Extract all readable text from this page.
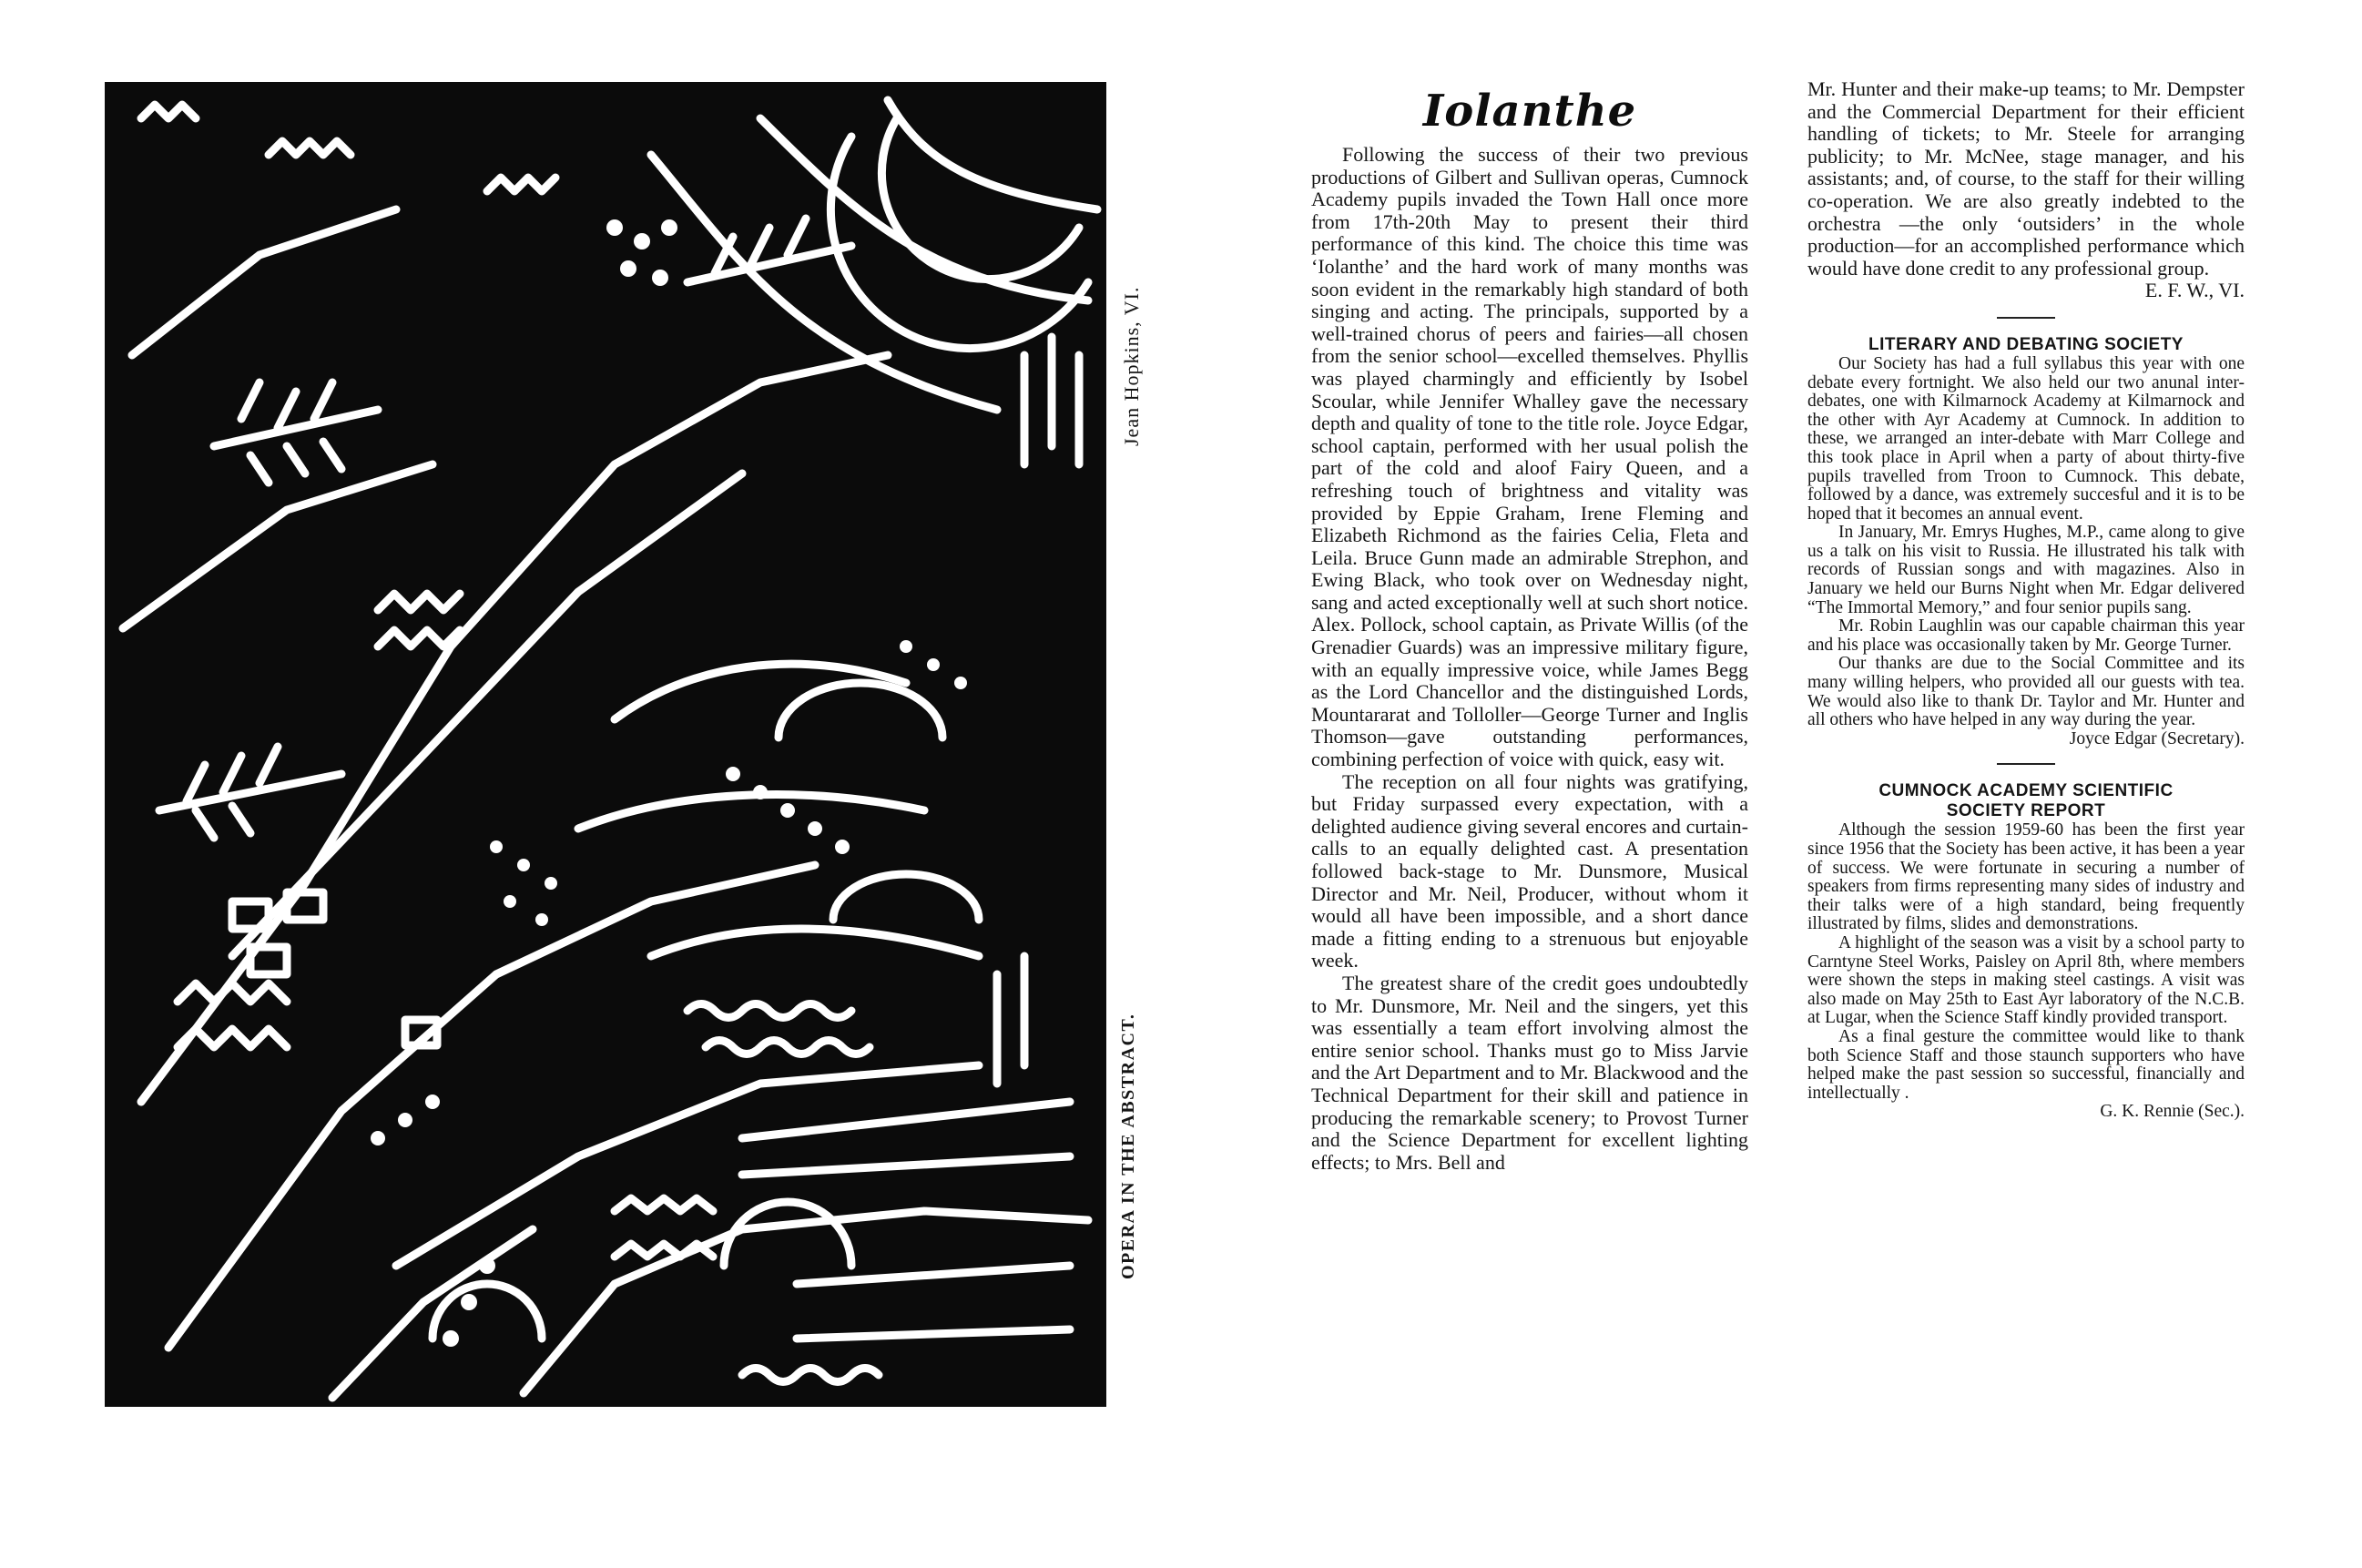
Jean Hopkins, VI.
OPERA IN THE ABSTRACT.
Iolanthe

Following the success of their two previous productions of Gilbert and Sullivan operas, Cumnock Academy pupils invaded the Town Hall once more from 17th-20th May to present their third performance of this kind. The choice this time was ‘Iolanthe’ and the hard work of many months was soon evident in the remarkably high standard of both singing and acting. The principals, supported by a well-trained chorus of peers and fairies—all chosen from the senior school—excelled themselves. Phyllis was played charmingly and efficiently by Isobel Scoular, while Jennifer Whalley gave the necessary depth and quality of tone to the title role. Joyce Edgar, school captain, performed with her usual polish the part of the cold and aloof Fairy Queen, and a refreshing touch of brightness and vitality was provided by Eppie Graham, Irene Fleming and Elizabeth Richmond as the fairies Celia, Fleta and Leila. Bruce Gunn made an admirable Strephon, and Ewing Black, who took over on Wednesday night, sang and acted exceptionally well at such short notice. Alex. Pollock, school captain, as Private Willis (of the Grenadier Guards) was an impressive military figure, with an equally impressive voice, while James Begg as the Lord Chancellor and the distinguished Lords, Mountararat and Tolloller—George Turner and Inglis Thomson—gave outstanding performances, combining perfection of voice with quick, easy wit.

The reception on all four nights was gratifying, but Friday surpassed every expectation, with a delighted audience giving several encores and curtain-calls to an equally delighted cast. A presentation followed back-stage to Mr. Dunsmore, Musical Director and Mr. Neil, Producer, without whom it would all have been impossible, and a short dance made a fitting ending to a strenuous but enjoyable week.

The greatest share of the credit goes undoubtedly to Mr. Dunsmore, Mr. Neil and the singers, yet this was essentially a team effort involving almost the entire senior school. Thanks must go to Miss Jarvie and the Art Department and to Mr. Blackwood and the Technical Department for their skill and patience in producing the remarkable scenery; to Provost Turner and the Science Department for excellent lighting effects; to Mrs. Bell and

Mr. Hunter and their make-up teams; to Mr. Dempster and the Commercial Department for their efficient handling of tickets; to Mr. Steele for arranging publicity; to Mr. McNee, stage manager, and his assistants; and, of course, to the staff for their willing co-operation. We are also greatly indebted to the orchestra —the only ‘outsiders’ in the whole production—for an accomplished performance which would have done credit to any professional group.

E. F. W., VI.

LITERARY AND DEBATING SOCIETY

Our Society has had a full syllabus this year with one debate every fortnight. We also held our two anunal inter-debates, one with Kilmarnock Academy at Kilmarnock and the other with Ayr Academy at Cumnock. In addition to these, we arranged an inter-debate with Marr College and this took place in April when a party of about thirty-five pupils travelled from Troon to Cumnock. This debate, followed by a dance, was extremely succesful and it is to be hoped that it becomes an annual event.

In January, Mr. Emrys Hughes, M.P., came along to give us a talk on his visit to Russia. He illustrated his talk with records of Russian songs and with magazines. Also in January we held our Burns Night when Mr. Edgar delivered “The Immortal Memory,” and four senior pupils sang.

Mr. Robin Laughlin was our capable chairman this year and his place was occasionally taken by Mr. George Turner.

Our thanks are due to the Social Committee and its many willing helpers, who provided all our guests with tea. We would also like to thank Dr. Taylor and Mr. Hunter and all others who have helped in any way during the year.

Joyce Edgar (Secretary).

CUMNOCK ACADEMY SCIENTIFIC

SOCIETY REPORT

Although the session 1959-60 has been the first year since 1956 that the Society has been active, it has been a year of success. We were fortunate in securing a number of speakers from firms representing many sides of industry and their talks were of a high standard, being frequently illustrated by films, slides and demonstrations.

A highlight of the season was a visit by a school party to Carntyne Steel Works, Paisley on April 8th, where members were shown the steps in making steel castings. A visit was also made on May 25th to East Ayr laboratory of the N.C.B. at Lugar, when the Science Staff kindly provided transport.

As a final gesture the committee would like to thank both Science Staff and those staunch supporters who have helped make the past session so successful, financially and intellectually .

G. K. Rennie (Sec.).
